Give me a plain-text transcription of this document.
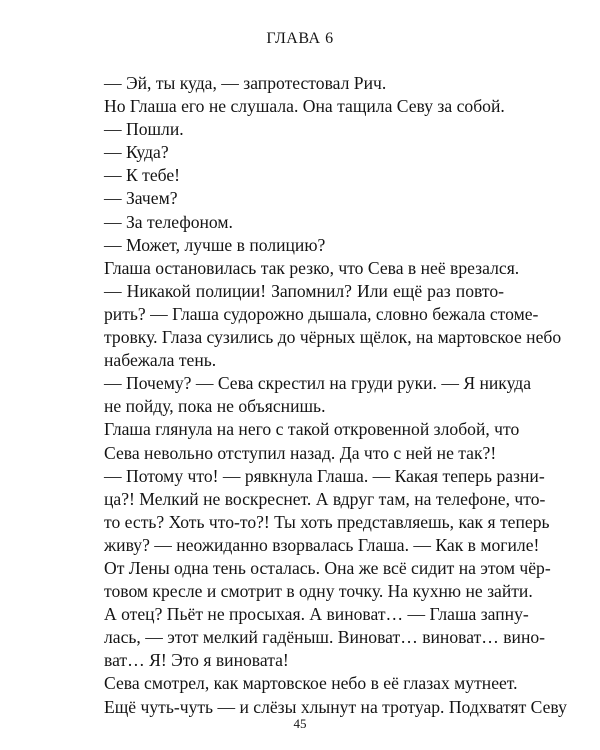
ГЛАВА 6
— Эй, ты куда, — запротестовал Рич.
Но Глаша его не слушала. Она тащила Севу за собой.
— Пошли.
— Куда?
— К тебе!
— Зачем?
— За телефоном.
— Может, лучше в полицию?
Глаша остановилась так резко, что Сева в неё врезался.
— Никакой полиции! Запомнил? Или ещё раз повто-
рить? — Глаша судорожно дышала, словно бежала стоме-
тровку. Глаза сузились до чёрных щёлок, на мартовское небо
набежала тень.
— Почему? — Сева скрестил на груди руки. — Я никуда
не пойду, пока не объяснишь.
Глаша глянула на него с такой откровенной злобой, что
Сева невольно отступил назад. Да что с ней не так?!
— Потому что! — рявкнула Глаша. — Какая теперь разни-
ца?! Мелкий не воскреснет. А вдруг там, на телефоне, что-
то есть? Хоть что-то?! Ты хоть представляешь, как я теперь
живу? — неожиданно взорвалась Глаша. — Как в могиле!
От Лены одна тень осталась. Она же всё сидит на этом чёр-
товом кресле и смотрит в одну точку. На кухню не зайти.
А отец? Пьёт не просыхая. А виноват… — Глаша запну-
лась, — этот мелкий гадёныш. Виноват… виноват… вино-
ват… Я! Это я виновата!
Сева смотрел, как мартовское небо в её глазах мутнеет.
Ещё чуть-чуть — и слёзы хлынут на тротуар. Подхватят Севу
45
